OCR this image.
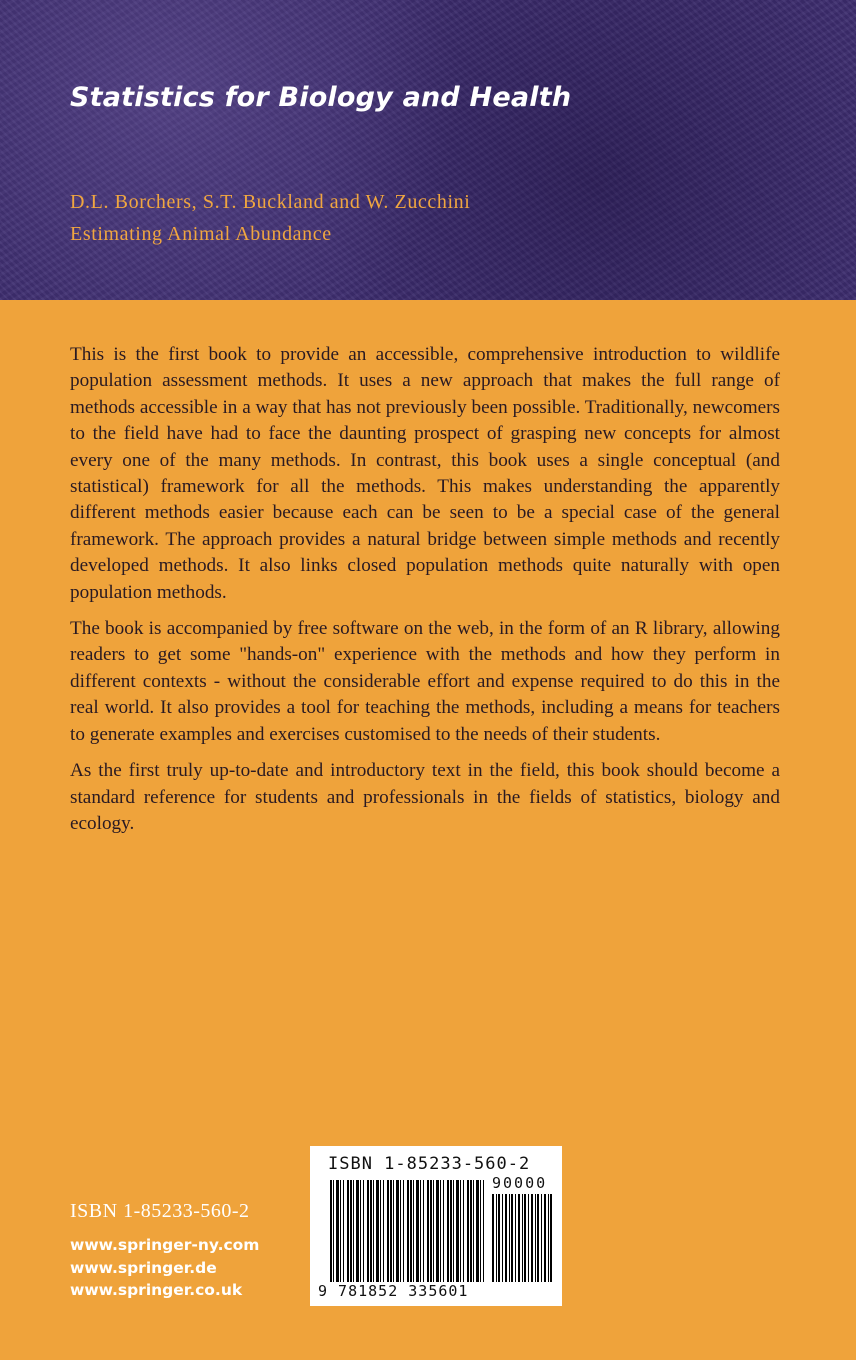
Statistics for Biology and Health

D.L. Borchers, S.T. Buckland and W. Zucchini

Estimating Animal Abundance

This is the first book to provide an accessible, comprehensive introduction to wildlife population assessment methods. It uses a new approach that makes the full range of methods accessible in a way that has not previously been possible. Traditionally, newcomers to the field have had to face the daunting prospect of grasping new concepts for almost every one of the many methods. In contrast, this book uses a single conceptual (and statistical) framework for all the methods. This makes understanding the apparently different methods easier because each can be seen to be a special case of the general framework. The approach provides a natural bridge between simple methods and recently developed methods. It also links closed population methods quite naturally with open population methods.

The book is accompanied by free software on the web, in the form of an R library, allowing readers to get some "hands-on" experience with the methods and how they perform in different contexts - without the considerable effort and expense required to do this in the real world. It also provides a tool for teaching the methods, including a means for teachers to generate examples and exercises customised to the needs of their students.

As the first truly up-to-date and introductory text in the field, this book should become a standard reference for students and professionals in the fields of statistics, biology and ecology.

ISBN 1-85233-560-2

www.springer-ny.com
www.springer.de
www.springer.co.uk
ISBN 1-85233-560-2
90000
9 781852 335601
